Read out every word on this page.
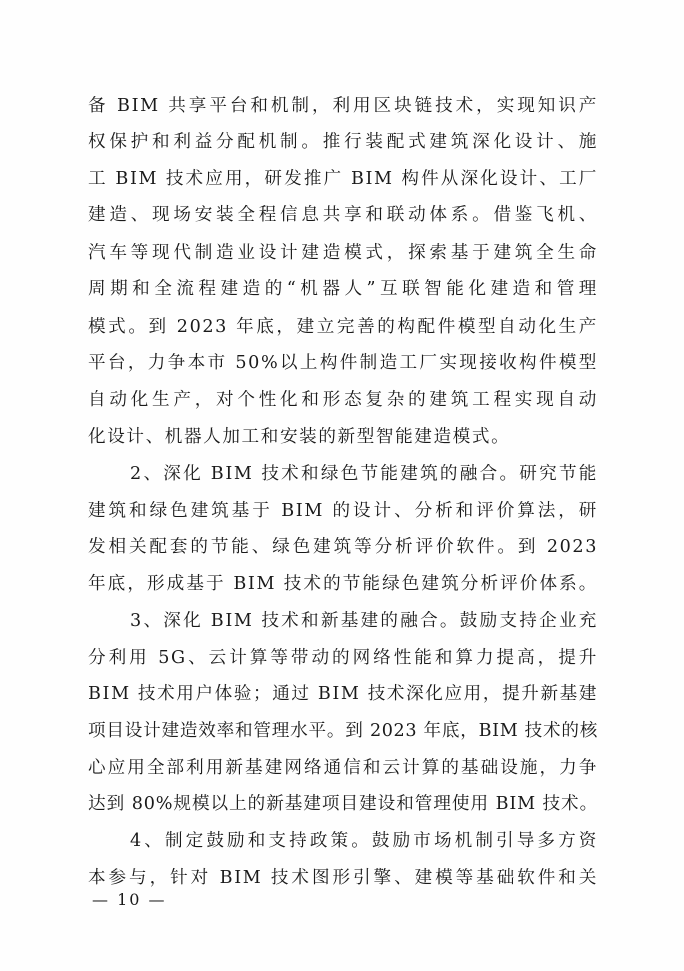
备 BIM 共享平台和机制，利用区块链技术，实现知识产
权保护和利益分配机制。推行装配式建筑深化设计、施
工 BIM 技术应用，研发推广 BIM 构件从深化设计、工厂
建造、现场安装全程信息共享和联动体系。借鉴飞机、
汽车等现代制造业设计建造模式，探索基于建筑全生命
周期和全流程建造的“机器人”互联智能化建造和管理
模式。到 2023 年底，建立完善的构配件模型自动化生产
平台，力争本市 50%以上构件制造工厂实现接收构件模型
自动化生产，对个性化和形态复杂的建筑工程实现自动
化设计、机器人加工和安装的新型智能建造模式。
2、深化 BIM 技术和绿色节能建筑的融合。研究节能
建筑和绿色建筑基于 BIM 的设计、分析和评价算法，研
发相关配套的节能、绿色建筑等分析评价软件。到 2023
年底，形成基于 BIM 技术的节能绿色建筑分析评价体系。
3、深化 BIM 技术和新基建的融合。鼓励支持企业充
分利用 5G、云计算等带动的网络性能和算力提高，提升
BIM 技术用户体验；通过 BIM 技术深化应用，提升新基建
项目设计建造效率和管理水平。到 2023 年底，BIM 技术的核
心应用全部利用新基建网络通信和云计算的基础设施，力争
达到 80%规模以上的新基建项目建设和管理使用 BIM 技术。
4、制定鼓励和支持政策。鼓励市场机制引导多方资
本参与，针对 BIM 技术图形引擎、建模等基础软件和关
— 10 —
